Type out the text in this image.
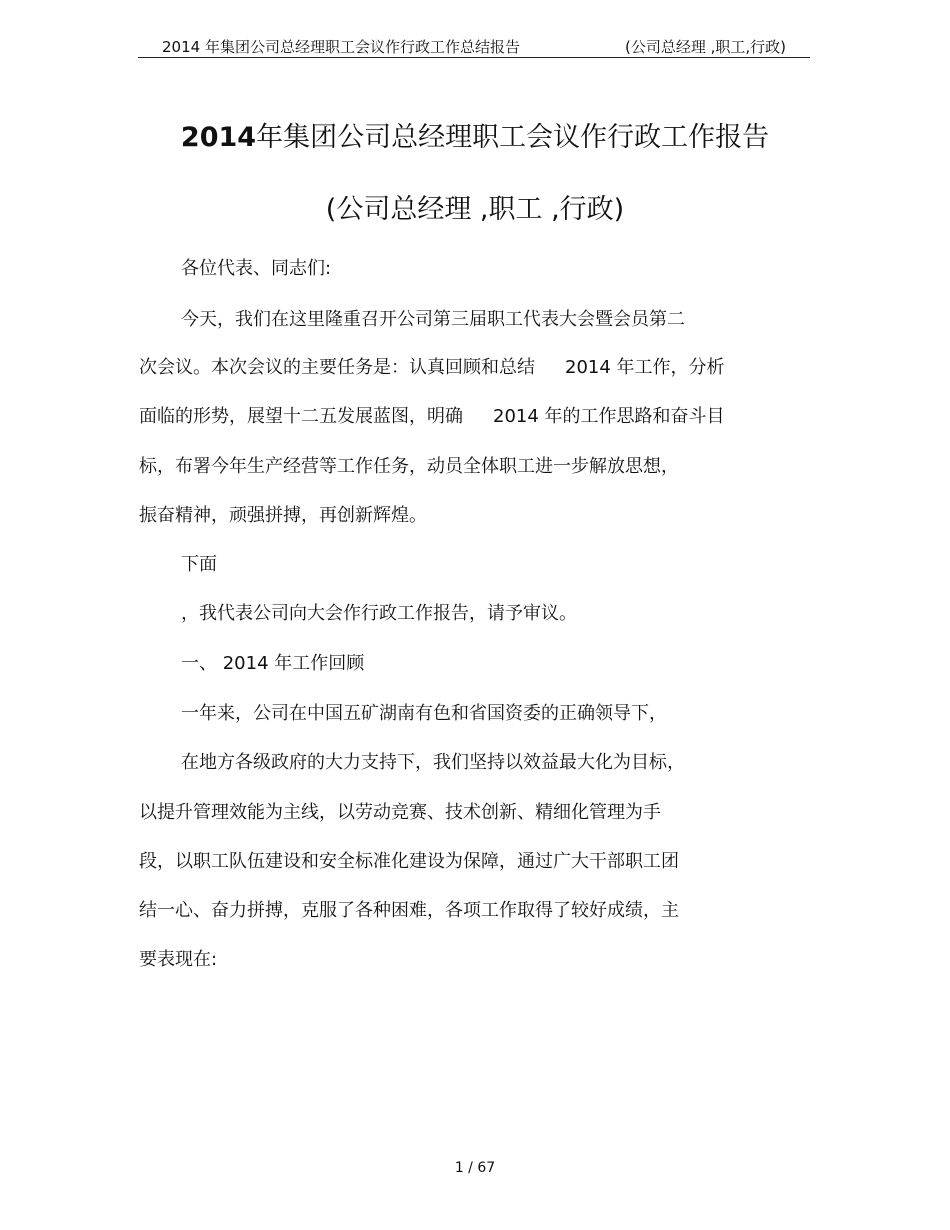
2014 年集团公司总经理职工会议作行政工作总结报告	(公司总经理 ,职工,行政)
2014年集团公司总经理职工会议作行政工作报告
(公司总经理 ,职工 ,行政)
各位代表、同志们:
今天，我们在这里隆重召开公司第三届职工代表大会暨会员第二
次会议。本次会议的主要任务是：认真回顾和总结 2014 年工作，分析
面临的形势，展望十二五发展蓝图，明确 2014 年的工作思路和奋斗目
标，布署今年生产经营等工作任务，动员全体职工进一步解放思想，
振奋精神，顽强拼搏，再创新辉煌。
下面
，我代表公司向大会作行政工作报告，请予审议。
一、 2014 年工作回顾
一年来，公司在中国五矿湖南有色和省国资委的正确领导下，
在地方各级政府的大力支持下，我们坚持以效益最大化为目标，
以提升管理效能为主线，以劳动竞赛、技术创新、精细化管理为手
段，以职工队伍建设和安全标准化建设为保障，通过广大干部职工团
结一心、奋力拼搏，克服了各种困难，各项工作取得了较好成绩，主
要表现在:
1 / 67
